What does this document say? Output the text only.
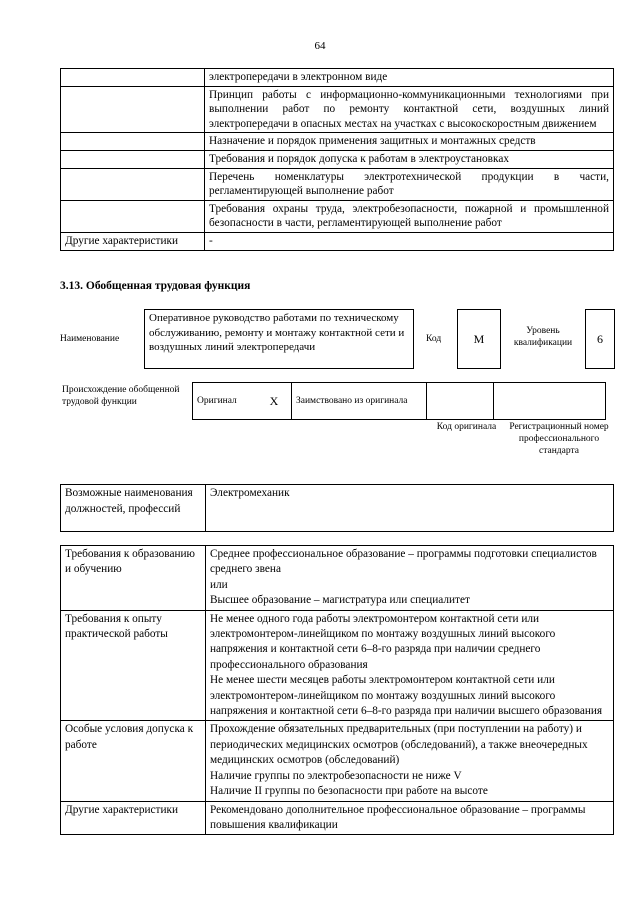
64
	электропередачи в электронном виде
	Принцип работы с информационно-коммуникационными технологиями при выполнении работ по ремонту контактной сети, воздушных линий электропередачи в опасных местах на участках с высокоскоростным движением
	Назначение и порядок применения защитных и монтажных средств
	Требования и порядок допуска к работам в электроустановках
	Перечень номенклатуры электротехнической продукции в части, регламентирующей выполнение работ
	Требования охраны труда, электробезопасности, пожарной и промышленной безопасности в части, регламентирующей выполнение работ
Другие характеристики	-
3.13. Обобщенная трудовая функция
Наименование
Оперативное руководство работами по техническому обслуживанию, ремонту и монтажу контактной сети и воздушных линий электропередачи
Код	M
Уровень квалификации	6
Происхождение обобщенной трудовой функции	Оригинал	X	Заимствовано из оригинала		
Код оригинала	Регистрационный номер профессионального стандарта
Возможные наименования должностей, профессий	Электромеханик
Требования к образованию и обучению	Среднее профессиональное образование – программы подготовки специалистов среднего звена
или
Высшее образование – магистратура или специалитет

Требования к опыту практической работы	Не менее одного года работы электромонтером контактной сети или электромонтером-линейщиком по монтажу воздушных линий высокого напряжения и контактной сети 6–8-го разряда при наличии среднего профессионального образования
Не менее шести месяцев работы электромонтером контактной сети или электромонтером-линейщиком по монтажу воздушных линий высокого напряжения и контактной сети 6–8-го разряда при наличии высшего образования

Особые условия допуска к работе	Прохождение обязательных предварительных (при поступлении на работу) и периодических медицинских осмотров (обследований), а также внеочередных медицинских осмотров (обследований)
Наличие группы по электробезопасности не ниже V
Наличие II группы по безопасности при работе на высоте

Другие характеристики	Рекомендовано дополнительное профессиональное образование – программы повышения квалификации
